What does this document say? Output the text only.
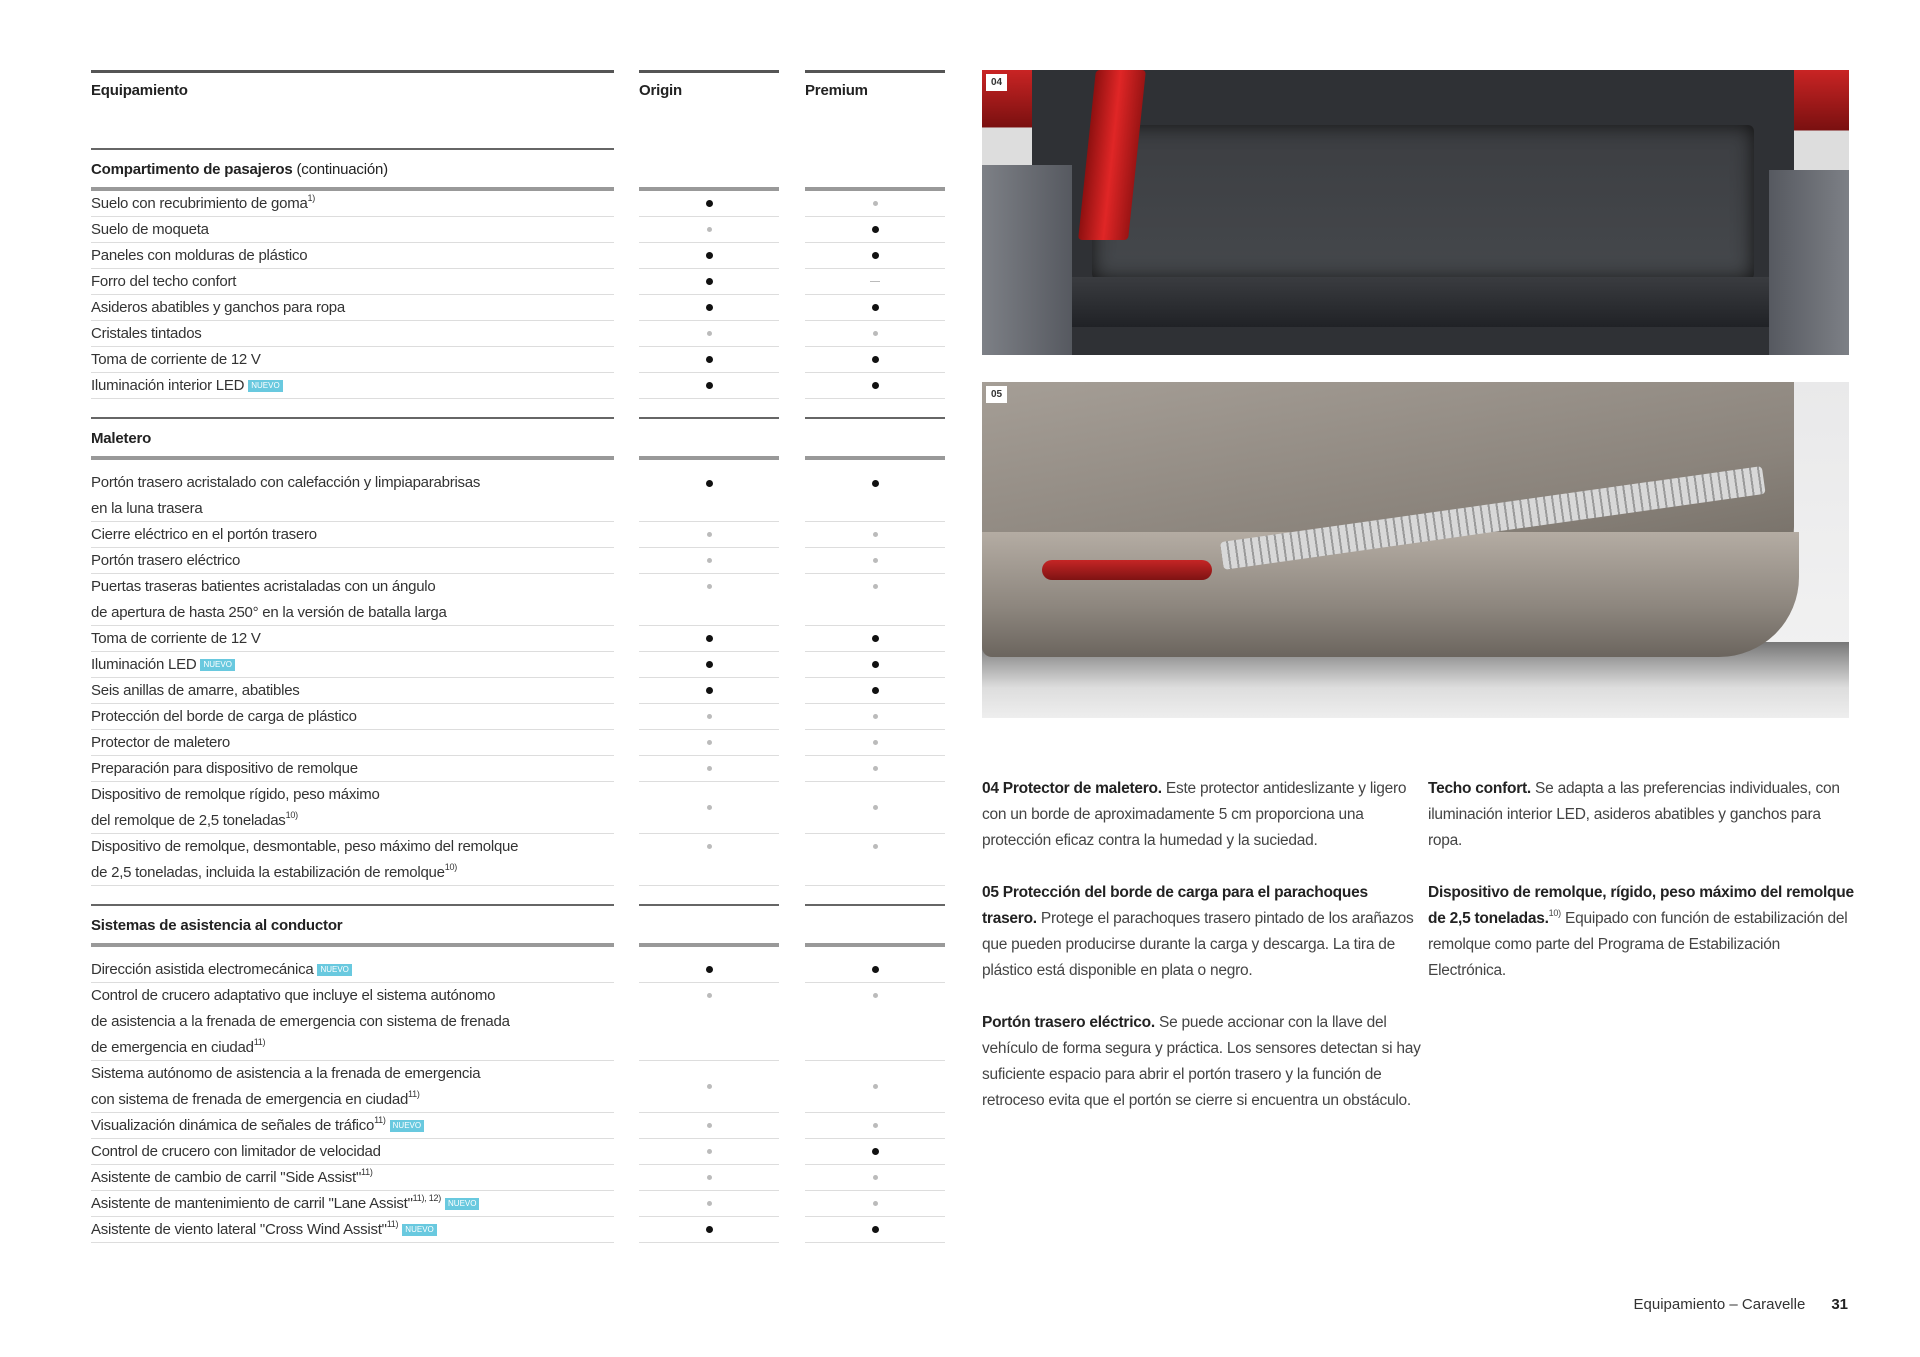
Equipamiento	Origin	Premium
Compartimento de pasajeros (continuación)
Suelo con recubrimiento de goma$^{1)}$
Suelo de moqueta
Paneles con molduras de plástico
Forro del techo confort
Asideros abatibles y ganchos para ropa
Cristales tintados
Toma de corriente de 12 V
Iluminación interior LED NUEVO
Maletero
Portón trasero acristalado con calefacción y limpiaparabrisas
en la luna trasera
Cierre eléctrico en el portón trasero
Portón trasero eléctrico
Puertas traseras batientes acristaladas con un ángulo
de apertura de hasta 250° en la versión de batalla larga
Toma de corriente de 12 V
Iluminación LED NUEVO
Seis anillas de amarre, abatibles
Protección del borde de carga de plástico
Protector de maletero
Preparación para dispositivo de remolque
Dispositivo de remolque rígido, peso máximo
del remolque de 2,5 toneladas$^{10)}$
Dispositivo de remolque, desmontable, peso máximo del remolque
de 2,5 toneladas, incluida la estabilización de remolque$^{10)}$
Sistemas de asistencia al conductor
Dirección asistida electromecánica NUEVO
Control de crucero adaptativo que incluye el sistema autónomo
de asistencia a la frenada de emergencia con sistema de frenada
de emergencia en ciudad$^{11)}$
Sistema autónomo de asistencia a la frenada de emergencia
con sistema de frenada de emergencia en ciudad$^{11)}$
Visualización dinámica de señales de tráfico$^{11)}$NUEVO
Control de crucero con limitador de velocidad
Asistente de cambio de carril "Side Assist"$^{11)}$
Asistente de mantenimiento de carril "Lane Assist"$^{11), 12)}$NUEVO
Asistente de viento lateral "Cross Wind Assist"$^{11)}$NUEVO
04
05

04 Protector de maletero. Este protector antideslizante y ligero con un borde de aproximadamente 5 cm proporciona una protección eficaz contra la humedad y la suciedad.

05 Protección del borde de carga para el parachoques trasero. Protege el parachoques trasero pintado de los arañazos que pueden producirse durante la carga y descarga. La tira de plástico está disponible en plata o negro.

Portón trasero eléctrico. Se puede accionar con la llave del vehículo de forma segura y práctica. Los sensores detectan si hay suficiente espacio para abrir el portón trasero y la función de retroceso evita que el portón se cierre si encuentra un obstáculo.

Techo confort. Se adapta a las preferencias individuales, con iluminación interior LED, asideros abatibles y ganchos para ropa.

Dispositivo de remolque, rígido, peso máximo del remolque de 2,5 toneladas.$^{10)}$ Equipado con función de estabilización del remolque como parte del Programa de Estabilización Electrónica.

Equipamiento – Caravelle 31
